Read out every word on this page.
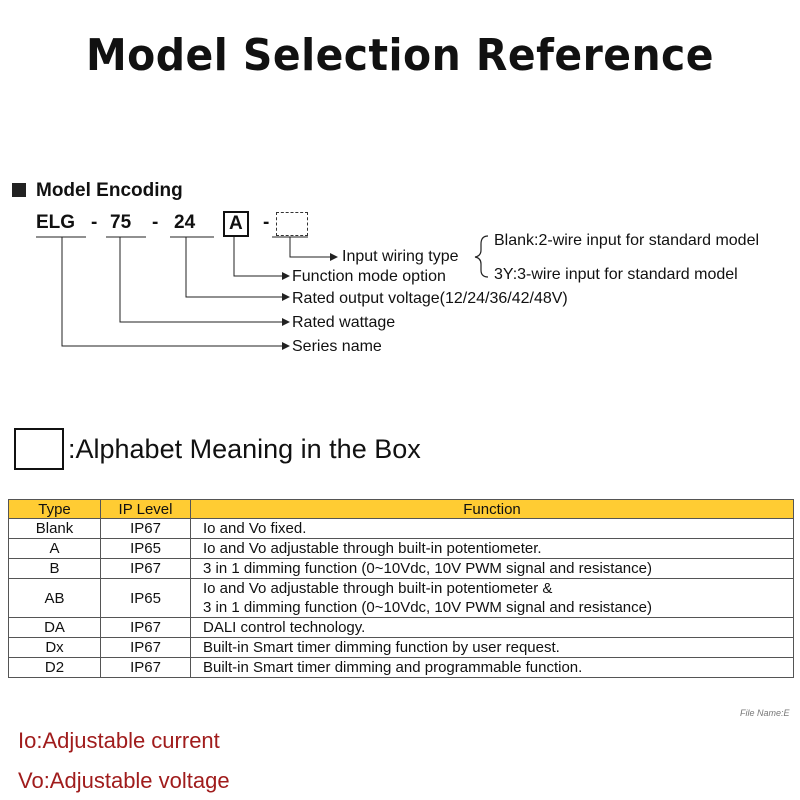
Model Selection Reference
Model Encoding
ELG - 75 - 24	A	-
Input wiring type
Blank:2-wire input for standard model
3Y:3-wire input for standard model
Function mode option
Rated output voltage(12/24/36/42/48V)
Rated wattage
Series name
:Alphabet Meaning in the Box
Type	IP Level	Function
Blank	IP67	Io and Vo fixed.

A	IP65	Io and Vo adjustable through built-in potentiometer.

B	IP67	3 in 1 dimming function (0~10Vdc, 10V PWM signal and resistance)

AB	IP65	Io and Vo adjustable through built-in potentiometer &
3 in 1 dimming function (0~10Vdc, 10V PWM signal and resistance)

DA	IP67	DALI control technology.

Dx	IP67	Built-in Smart timer dimming function by user request.

D2	IP67	Built-in Smart timer dimming and programmable function.
File Name:E
Io:Adjustable current
Vo:Adjustable voltage
